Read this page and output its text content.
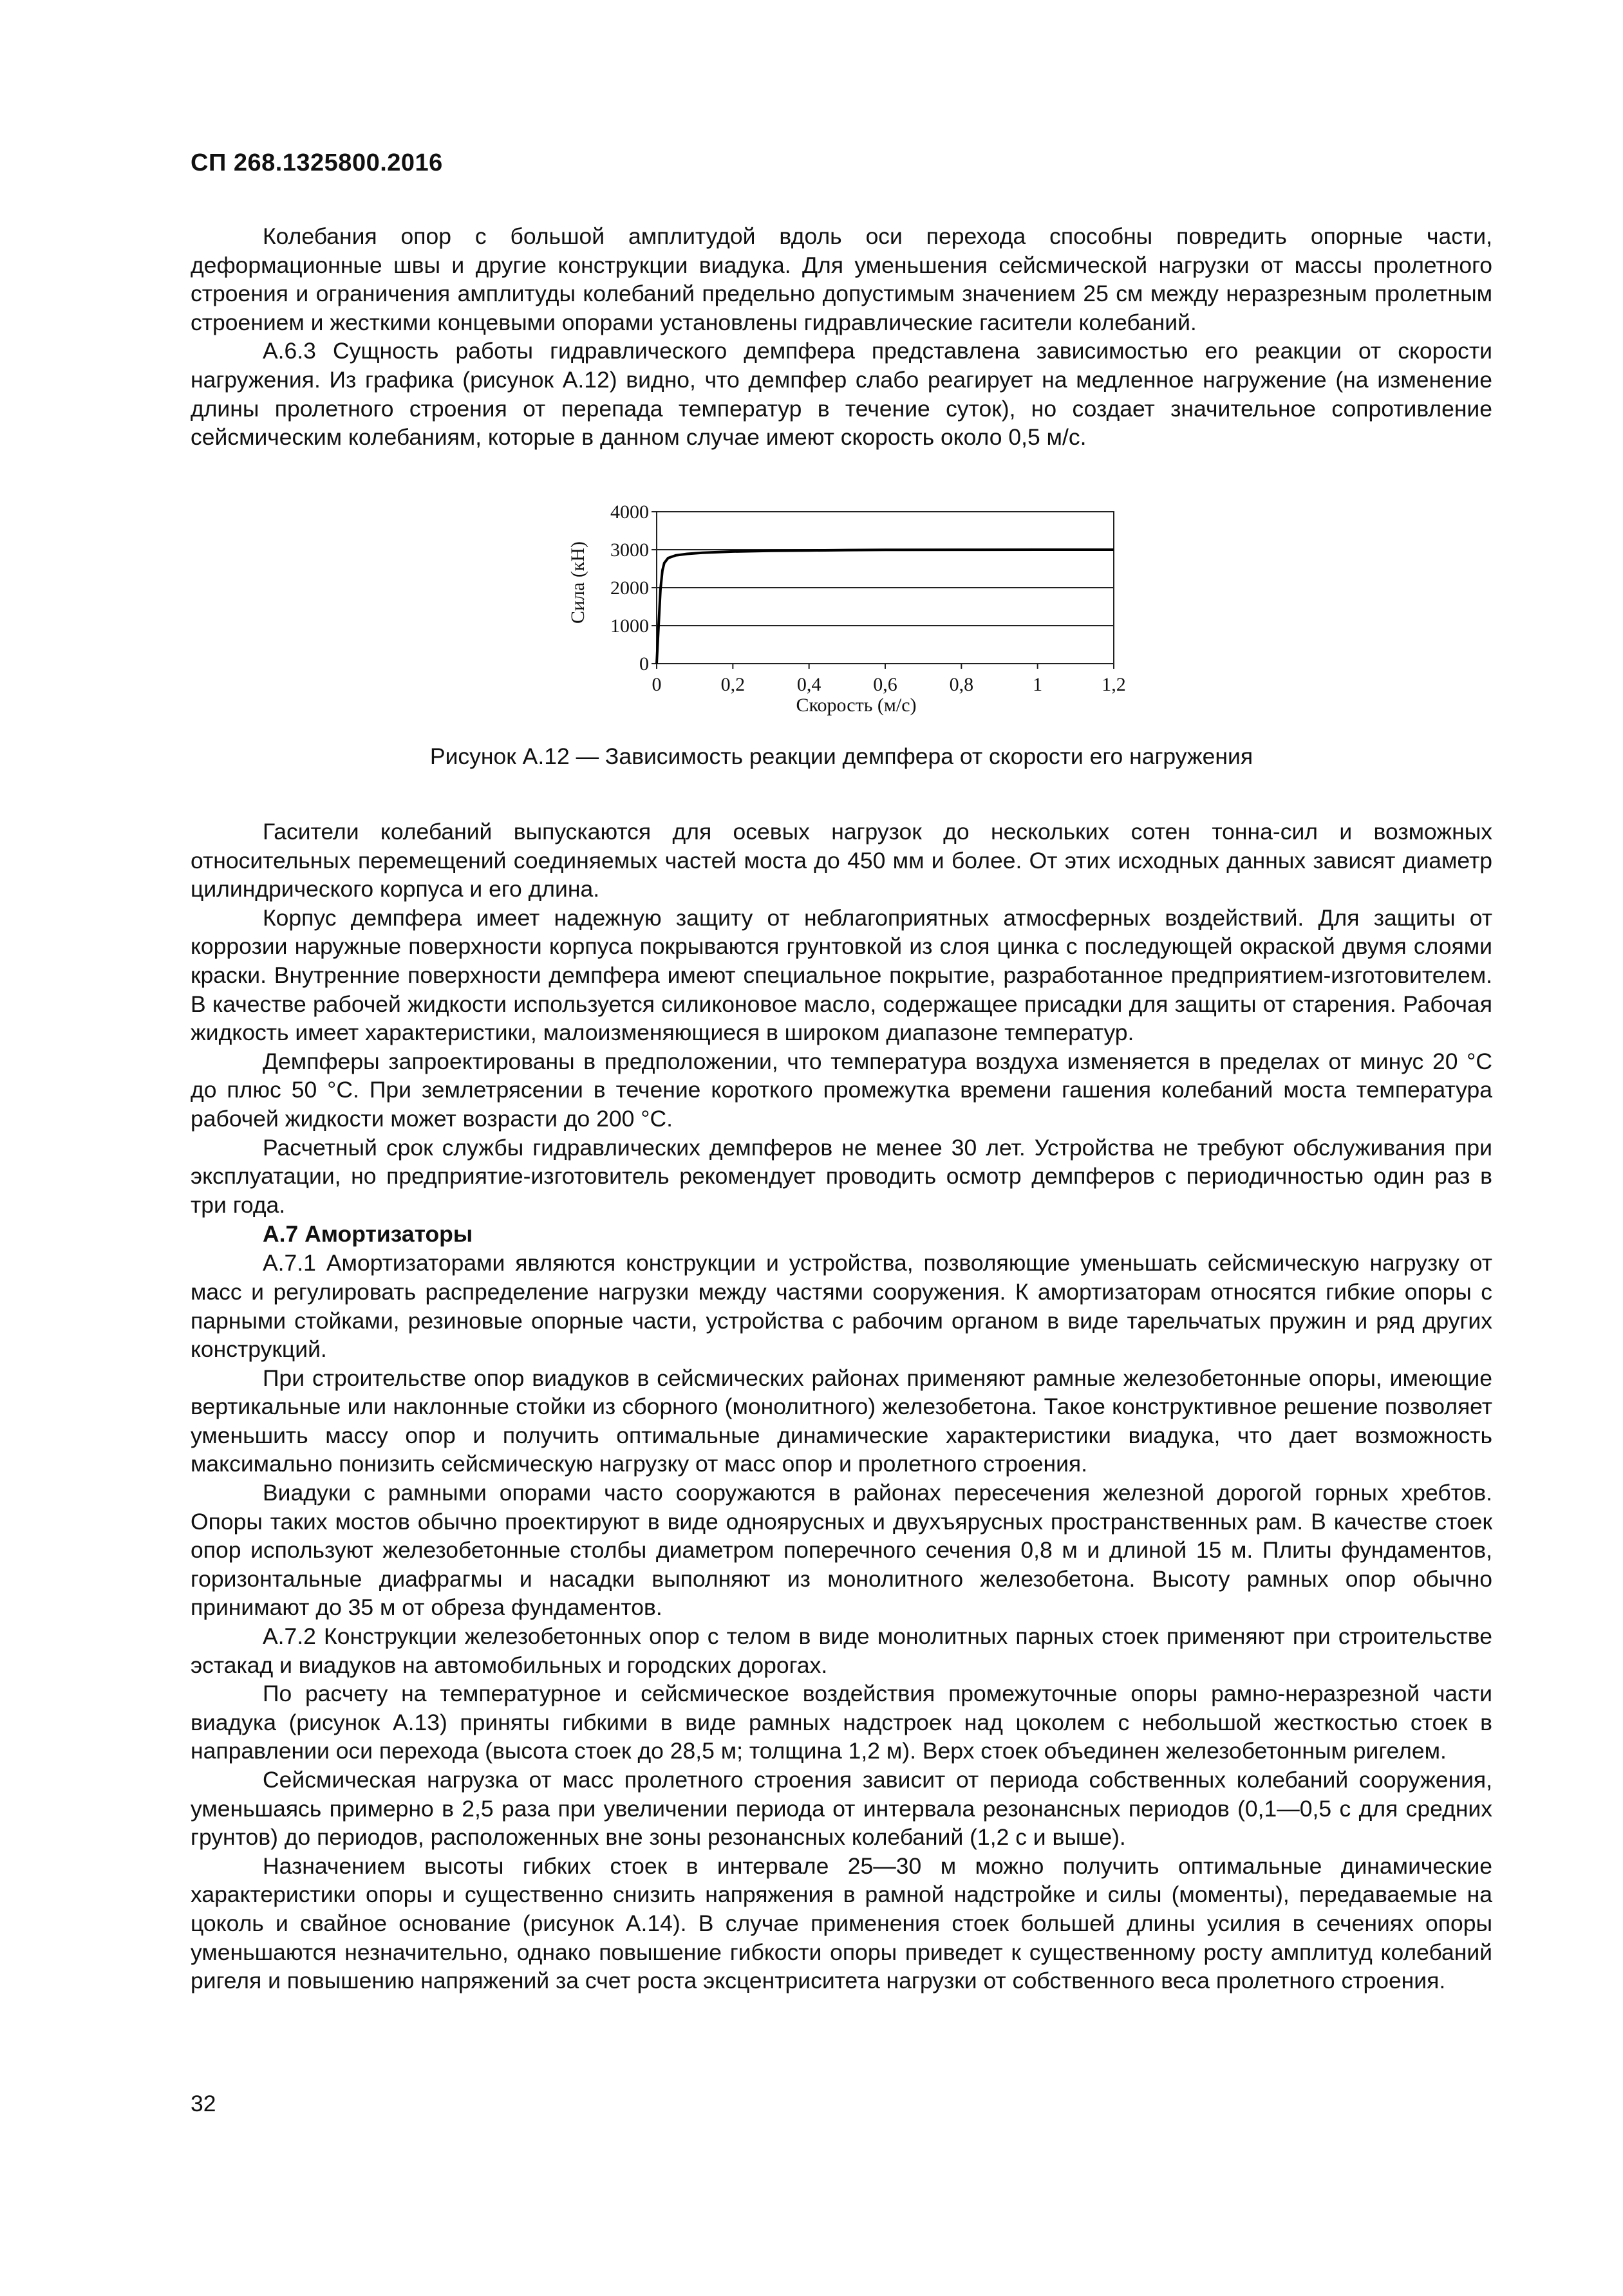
СП 268.1325800.2016

Колебания опор с большой амплитудой вдоль оси перехода способны повредить опорные части, деформационные швы и другие конструкции виадука. Для уменьшения сейсмической нагрузки от массы пролетного строения и ограничения амплитуды колебаний предельно допустимым значением 25 см между неразрезным пролетным строением и жесткими концевыми опорами установлены гидравлические гасители колебаний.

А.6.3 Сущность работы гидравлического демпфера представлена зависимостью его реакции от скорости нагружения. Из графика (рисунок А.12) видно, что демпфер слабо реагирует на медленное нагружение (на изменение длины пролетного строения от перепада температур в течение суток), но создает значительное сопротивление сейсмическим колебаниям, которые в данном случае имеют скорость около 0,5 м/с.

Сила (кН)
Скорость (м/с)
0
1000
2000
3000
4000
0	0,2	0,4	0,6	0,8	1	1,2

Рисунок А.12 — Зависимость реакции демпфера от скорости его нагружения

Гасители колебаний выпускаются для осевых нагрузок до нескольких сотен тонна-сил и возможных относительных перемещений соединяемых частей моста до 450 мм и более. От этих исходных данных зависят диаметр цилиндрического корпуса и его длина.

Корпус демпфера имеет надежную защиту от неблагоприятных атмосферных воздействий. Для защиты от коррозии наружные поверхности корпуса покрываются грунтовкой из слоя цинка с последующей окраской двумя слоями краски. Внутренние поверхности демпфера имеют специальное покрытие, разработанное предприятием-изготовителем. В качестве рабочей жидкости используется силиконовое масло, содержащее присадки для защиты от старения. Рабочая жидкость имеет характеристики, малоизменяющиеся в широком диапазоне температур.

Демпферы запроектированы в предположении, что температура воздуха изменяется в пределах от минус 20 °С до плюс 50 °С. При землетрясении в течение короткого промежутка времени гашения колебаний моста температура рабочей жидкости может возрасти до 200 °С.

Расчетный срок службы гидравлических демпферов не менее 30 лет. Устройства не требуют обслуживания при эксплуатации, но предприятие-изготовитель рекомендует проводить осмотр демпферов с периодичностью один раз в три года.

А.7 Амортизаторы

А.7.1 Амортизаторами являются конструкции и устройства, позволяющие уменьшать сейсмическую нагрузку от масс и регулировать распределение нагрузки между частями сооружения. К амортизаторам относятся гибкие опоры с парными стойками, резиновые опорные части, устройства с рабочим органом в виде тарельчатых пружин и ряд других конструкций.

При строительстве опор виадуков в сейсмических районах применяют рамные железобетонные опоры, имеющие вертикальные или наклонные стойки из сборного (монолитного) железобетона. Такое конструктивное решение позволяет уменьшить массу опор и получить оптимальные динамические характеристики виадука, что дает возможность максимально понизить сейсмическую нагрузку от масс опор и пролетного строения.

Виадуки с рамными опорами часто сооружаются в районах пересечения железной дорогой горных хребтов. Опоры таких мостов обычно проектируют в виде одноярусных и двухъярусных пространственных рам. В качестве стоек опор используют железобетонные столбы диаметром поперечного сечения 0,8 м и длиной 15 м. Плиты фундаментов, горизонтальные диафрагмы и насадки выполняют из монолитного железобетона. Высоту рамных опор обычно принимают до 35 м от обреза фундаментов.

А.7.2 Конструкции железобетонных опор с телом в виде монолитных парных стоек применяют при строительстве эстакад и виадуков на автомобильных и городских дорогах.

По расчету на температурное и сейсмическое воздействия промежуточные опоры рамно-неразрезной части виадука (рисунок А.13) приняты гибкими в виде рамных надстроек над цоколем с небольшой жесткостью стоек в направлении оси перехода (высота стоек до 28,5 м; толщина 1,2 м). Верх стоек объединен железобетонным ригелем.

Сейсмическая нагрузка от масс пролетного строения зависит от периода собственных колебаний сооружения, уменьшаясь примерно в 2,5 раза при увеличении периода от интервала резонансных периодов (0,1—0,5 с для средних грунтов) до периодов, расположенных вне зоны резонансных колебаний (1,2 с и выше).

Назначением высоты гибких стоек в интервале 25—30 м можно получить оптимальные динамические характеристики опоры и существенно снизить напряжения в рамной надстройке и силы (моменты), передаваемые на цоколь и свайное основание (рисунок А.14). В случае применения стоек большей длины усилия в сечениях опоры уменьшаются незначительно, однако повышение гибкости опоры приведет к существенному росту амплитуд колебаний ригеля и повышению напряжений за счет роста эксцентриситета нагрузки от собственного веса пролетного строения.

32
